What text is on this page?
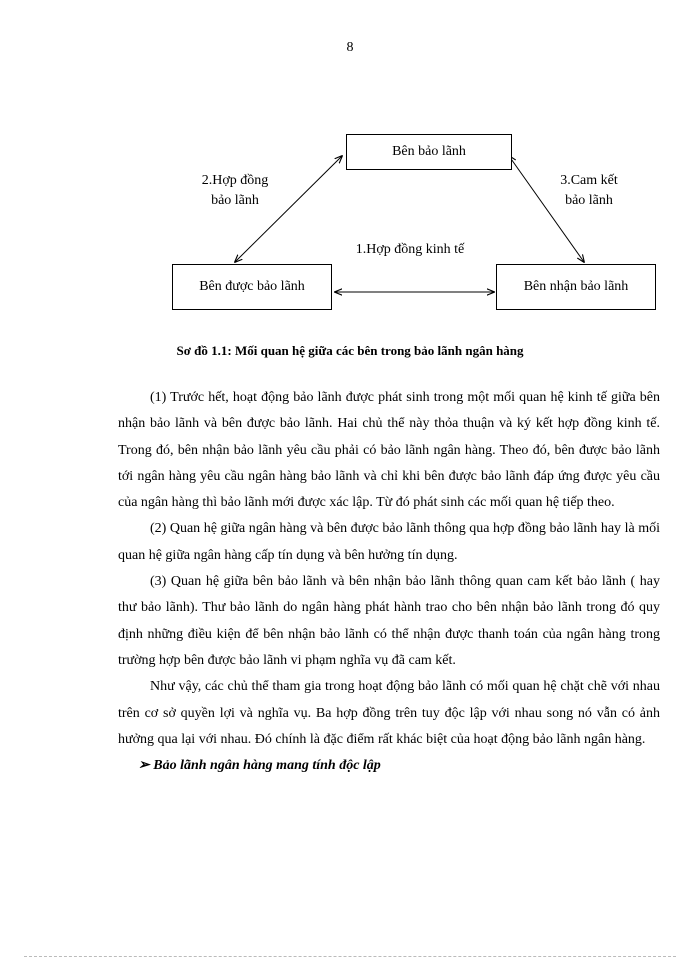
8
Bên bảo lãnh
Bên được bảo lãnh	Bên nhận bảo lãnh
2.Hợp đồng
bảo lãnh
3.Cam kết
bảo lãnh
1.Hợp đồng kinh tế
Sơ đồ 1.1: Mối quan hệ giữa các bên trong bảo lãnh ngân hàng

(1) Trước hết, hoạt động bảo lãnh được phát sinh trong một mối quan hệ kinh tế giữa bên nhận bảo lãnh và bên được bảo lãnh. Hai chủ thể này thỏa thuận và ký kết hợp đồng kinh tế. Trong đó, bên nhận bảo lãnh yêu cầu phải có bảo lãnh ngân hàng. Theo đó, bên được bảo lãnh tới ngân hàng yêu cầu ngân hàng bảo lãnh và chỉ khi bên được bảo lãnh đáp ứng được yêu cầu của ngân hàng thì bảo lãnh mới được xác lập. Từ đó phát sinh các mối quan hệ tiếp theo.

(2) Quan hệ giữa ngân hàng và bên được bảo lãnh thông qua hợp đồng bảo lãnh hay là mối quan hệ giữa ngân hàng cấp tín dụng và bên hưởng tín dụng.

(3) Quan hệ giữa bên bảo lãnh và bên nhận bảo lãnh thông quan cam kết bảo lãnh ( hay thư bảo lãnh). Thư bảo lãnh do ngân hàng phát hành trao cho bên nhận bảo lãnh trong đó quy định những điều kiện để bên nhận bảo lãnh có thể nhận được thanh toán của ngân hàng trong trường hợp bên được bảo lãnh vi phạm nghĩa vụ đã cam kết.

Như vậy, các chủ thể tham gia trong hoạt động bảo lãnh có mối quan hệ chặt chẽ với nhau trên cơ sở quyền lợi và nghĩa vụ. Ba hợp đồng trên tuy độc lập với nhau song nó vẫn có ảnh hưởng qua lại với nhau. Đó chính là đặc điểm rất khác biệt của hoạt động bảo lãnh ngân hàng.

➢ Bảo lãnh ngân hàng mang tính độc lập
